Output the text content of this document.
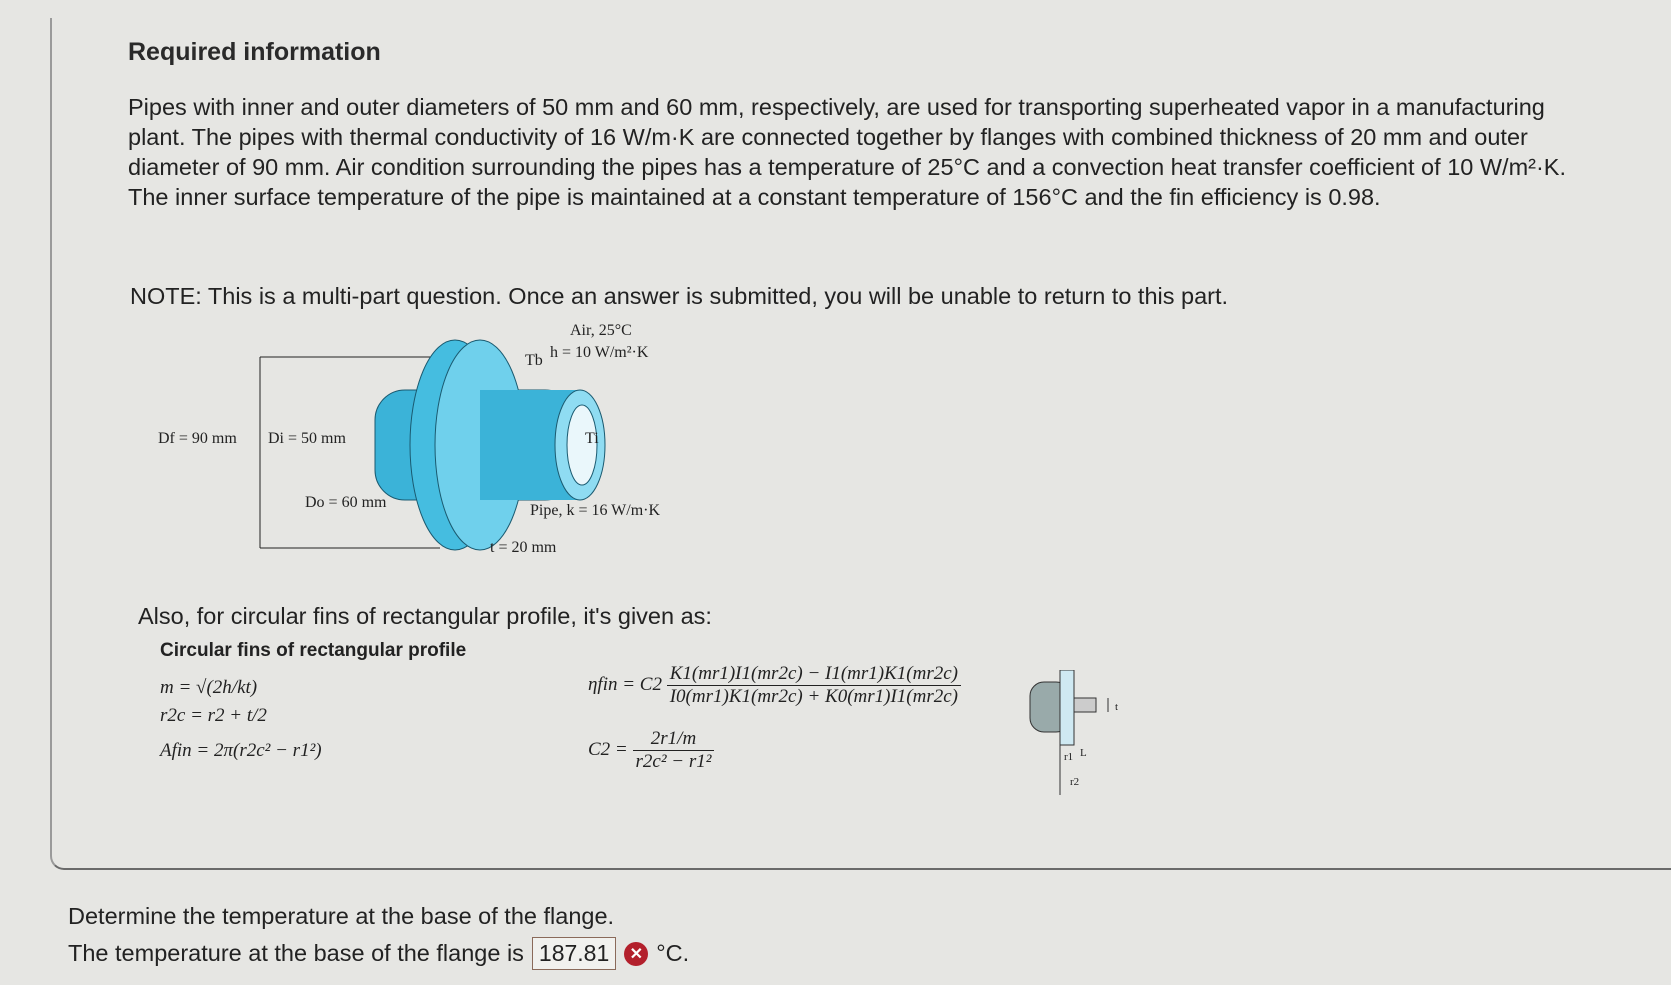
Required information
Pipes with inner and outer diameters of 50 mm and 60 mm, respectively, are used for transporting superheated vapor in a manufacturing plant. The pipes with thermal conductivity of 16 W/m·K are connected together by flanges with combined thickness of 20 mm and outer diameter of 90 mm. Air condition surrounding the pipes has a temperature of 25°C and a convection heat transfer coefficient of 10 W/m²·K. The inner surface temperature of the pipe is maintained at a constant temperature of 156°C and the fin efficiency is 0.98.
NOTE: This is a multi-part question. Once an answer is submitted, you will be unable to return to this part.
Air, 25°C
h = 10 W/m²·K
Df = 90 mm Di = 50 mm
Do = 60 mm
Tb
Ti
Pipe, k = 16 W/m·K
t = 20 mm
Also, for circular fins of rectangular profile, it's given as:
Circular fins of rectangular profile
m = √(2h/kt)
r2c = r2 + t/2
Afin = 2π(r2c² − r1²)
$\eta fin = C2 \frac{K1(mr1)I1(mr2c) - I1(mr1)K1(mr2c)}{I0(mr1)K1(mr2c) + K0(mr1)I1(mr2c)}$
$C2 = \frac{2r1/m}{\text{r2c² − r1²}}$
t
r1 L
r2
Determine the temperature at the base of the flange.
The temperature at the base of the flange is 187.81	✕ °C.
